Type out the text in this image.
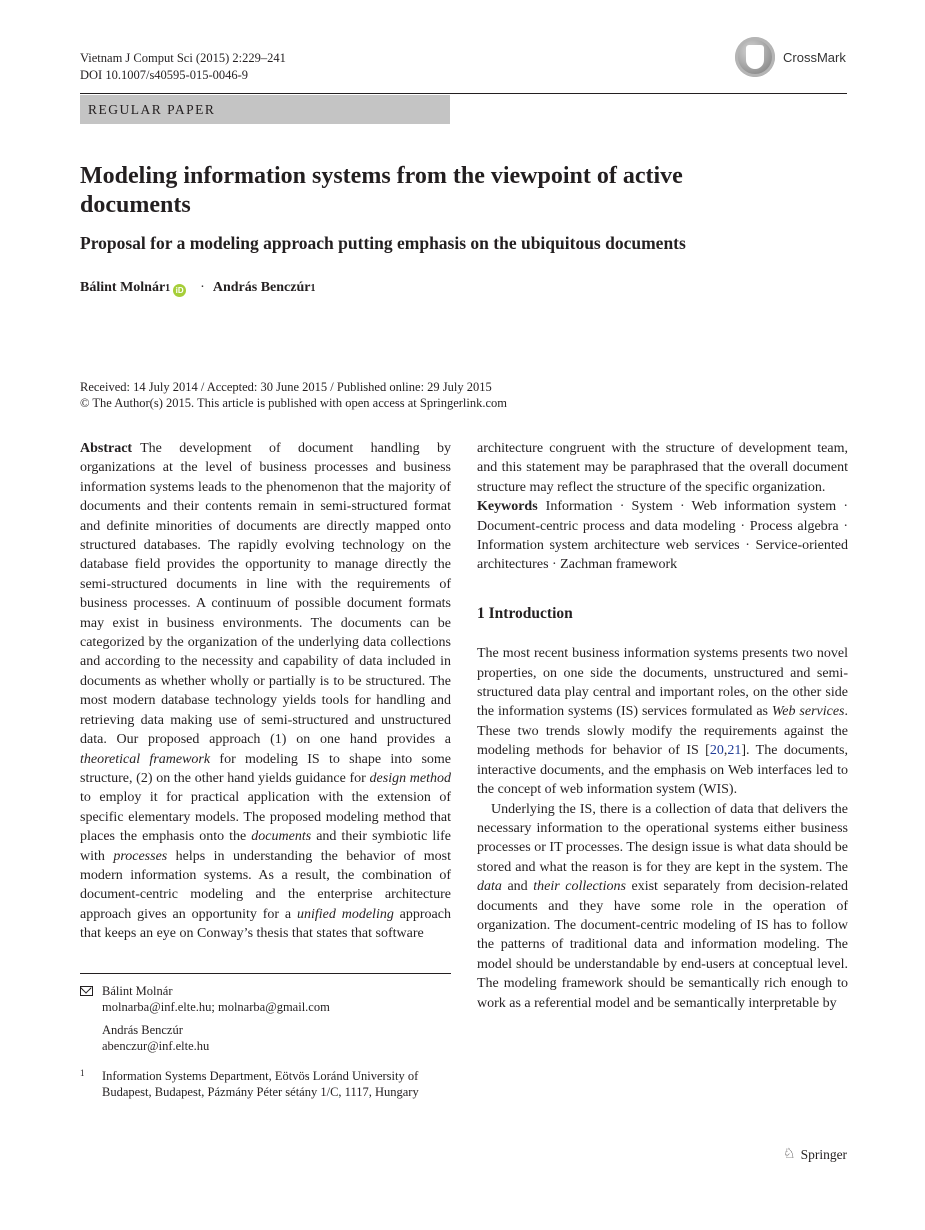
Vietnam J Comput Sci (2015) 2:229–241
DOI 10.1007/s40595-015-0046-9
CrossMark
REGULAR PAPER
Modeling information systems from the viewpoint of active documents
Proposal for a modeling approach putting emphasis on the ubiquitous documents
Bálint Molnár 1 iD · András Benczúr 1
Received: 14 July 2014 / Accepted: 30 June 2015 / Published online: 29 July 2015
© The Author(s) 2015. This article is published with open access at Springerlink.com

Abstract The development of document handling by organizations at the level of business processes and business information systems leads to the phenomenon that the majority of documents and their contents remain in semi-structured format and definite minorities of documents are directly mapped onto structured databases. The rapidly evolving technology on the database field provides the opportunity to manage directly the semi-structured documents in line with the requirements of business processes. A continuum of possible document formats may exist in business environments. The documents can be categorized by the organization of the underlying data collections and according to the necessity and capability of data included in documents as whether wholly or partially is to be structured. The most modern database technology yields tools for handling and retrieving data making use of semi-structured and unstructured data. Our proposed approach (1) on one hand provides a theoretical framework for modeling IS to shape into some structure, (2) on the other hand yields guidance for design method to employ it for practical application with the extension of specific elementary models. The proposed modeling method that places the emphasis onto the documents and their symbiotic life with processes helps in understanding the behavior of most modern information systems. As a result, the combination of document-centric modeling and the enterprise architecture approach gives an opportunity for a unified modeling approach that keeps an eye on Conway’s thesis that states that software

Bálint Molnár
molnarba@inf.elte.hu; molnarba@gmail.com
András Benczúr
abenczur@inf.elte.hu
1	Information Systems Department, Eötvös Loránd University of Budapest, Budapest, Pázmány Péter sétány 1/C, 1117, Hungary

architecture congruent with the structure of development team, and this statement may be paraphrased that the overall document structure may reflect the structure of the specific organization.

Keywords Information · System · Web information system · Document-centric process and data modeling · Process algebra · Information system architecture web services · Service-oriented architectures · Zachman framework

1 Introduction

The most recent business information systems presents two novel properties, on one side the documents, unstructured and semi-structured data play central and important roles, on the other side the information systems (IS) services formulated as Web services. These two trends slowly modify the requirements against the modeling methods for behavior of IS [20,21]. The documents, interactive documents, and the emphasis on Web interfaces led to the concept of web information system (WIS).

Underlying the IS, there is a collection of data that delivers the necessary information to the operational systems either business processes or IT processes. The design issue is what data should be stored and what the reason is for they are kept in the system. The data and their collections exist separately from decision-related documents and they have some role in the operation of organization. The document-centric modeling of IS has to follow the patterns of traditional data and information modeling. The model should be understandable by end-users at conceptual level. The modeling framework should be semantically rich enough to work as a referential model and be semantically interpretable by

♘ Springer
